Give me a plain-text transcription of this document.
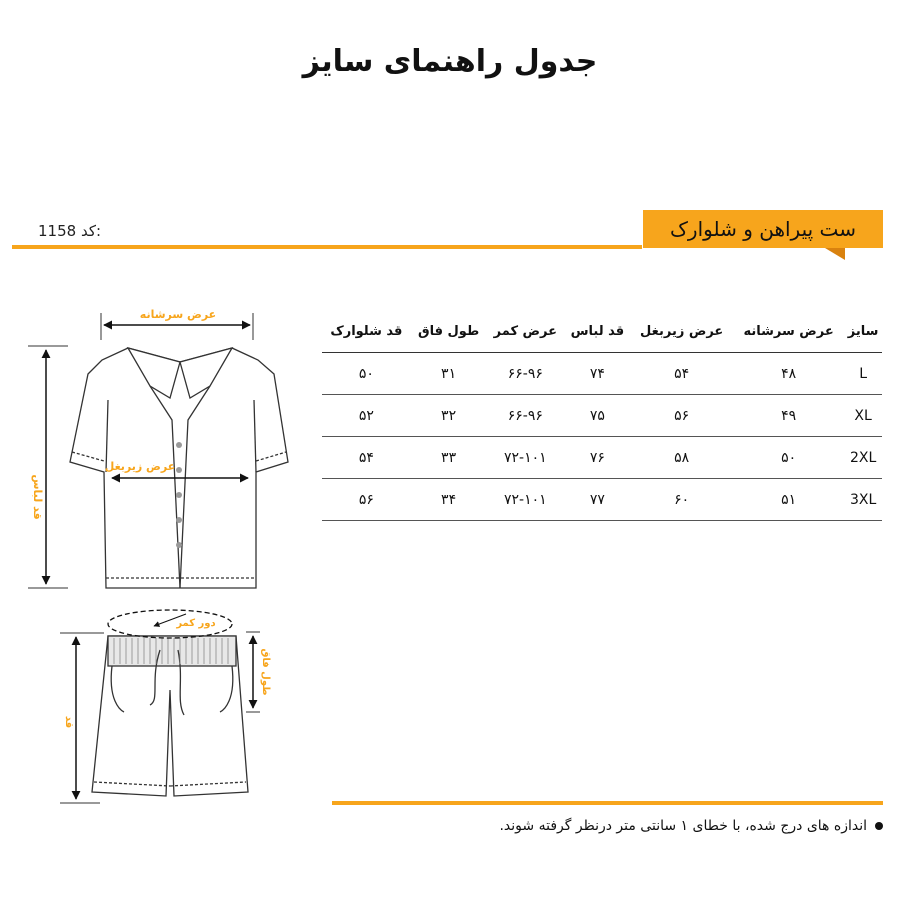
جدول راهنمای سایز
1158 کد:	ست پیراهن و شلوارک
سایز	عرض سرشانه	عرض زیربغل	قد لباس	عرض کمر	طول فاق	قد شلوارک
L	۴۸	۵۴	۷۴	۶۶-۹۶	۳۱	۵۰
XL	۴۹	۵۶	۷۵	۶۶-۹۶	۳۲	۵۲
2XL	۵۰	۵۸	۷۶	۷۲-۱۰۱	۳۳	۵۴
3XL	۵۱	۶۰	۷۷	۷۲-۱۰۱	۳۴	۵۶
اندازه های درج شده، با خطای ۱ سانتی متر درنظر گرفته شوند.
عرض سرشانه
عرض زیربغل
قد لباس
دور کمر
طول فاق
قد
